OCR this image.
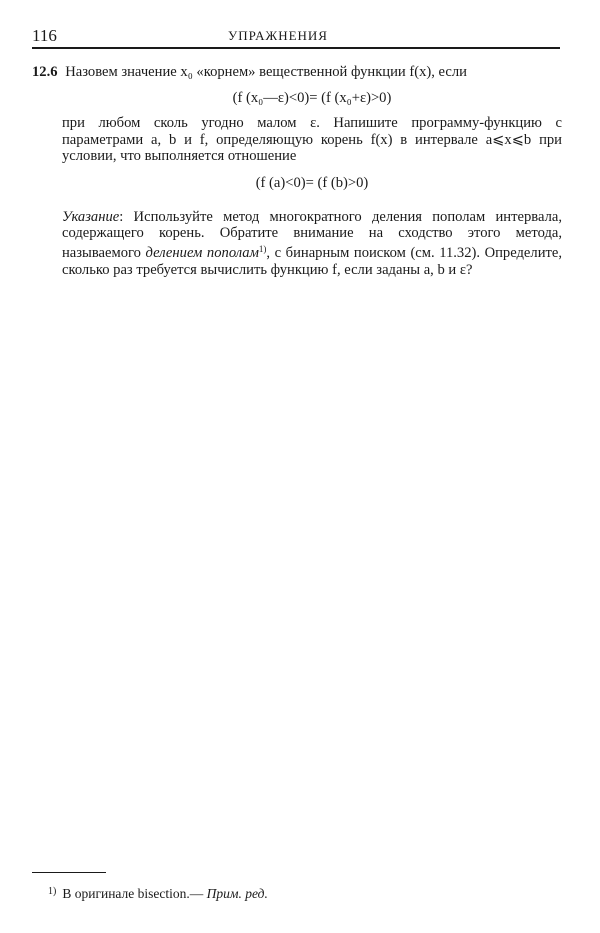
116	УПРАЖНЕНИЯ

12.6 Назовем значение x₀ «корнем» вещественной функции f(x), если

(f (x₀—ε)<0)= (f (x₀+ε)>0)

при любом сколь угодно малом ε. Напишите программу-функцию с параметрами a, b и f, определяющую корень f(x) в интервале a⩽x⩽b при условии, что выполняется отношение

(f (a)<0)= (f (b)>0)

Указание: Используйте метод многократного деления пополам интервала, содержащего корень. Обратите внимание на сходство этого метода, называемого делением пополам$^{1)}$, с бинарным поиском (см. 11.32). Определите, сколько раз требуется вычислить функцию f, если заданы a, b и ε?

$^{1)}$ В оригинале bisection.— Прим. ред.
